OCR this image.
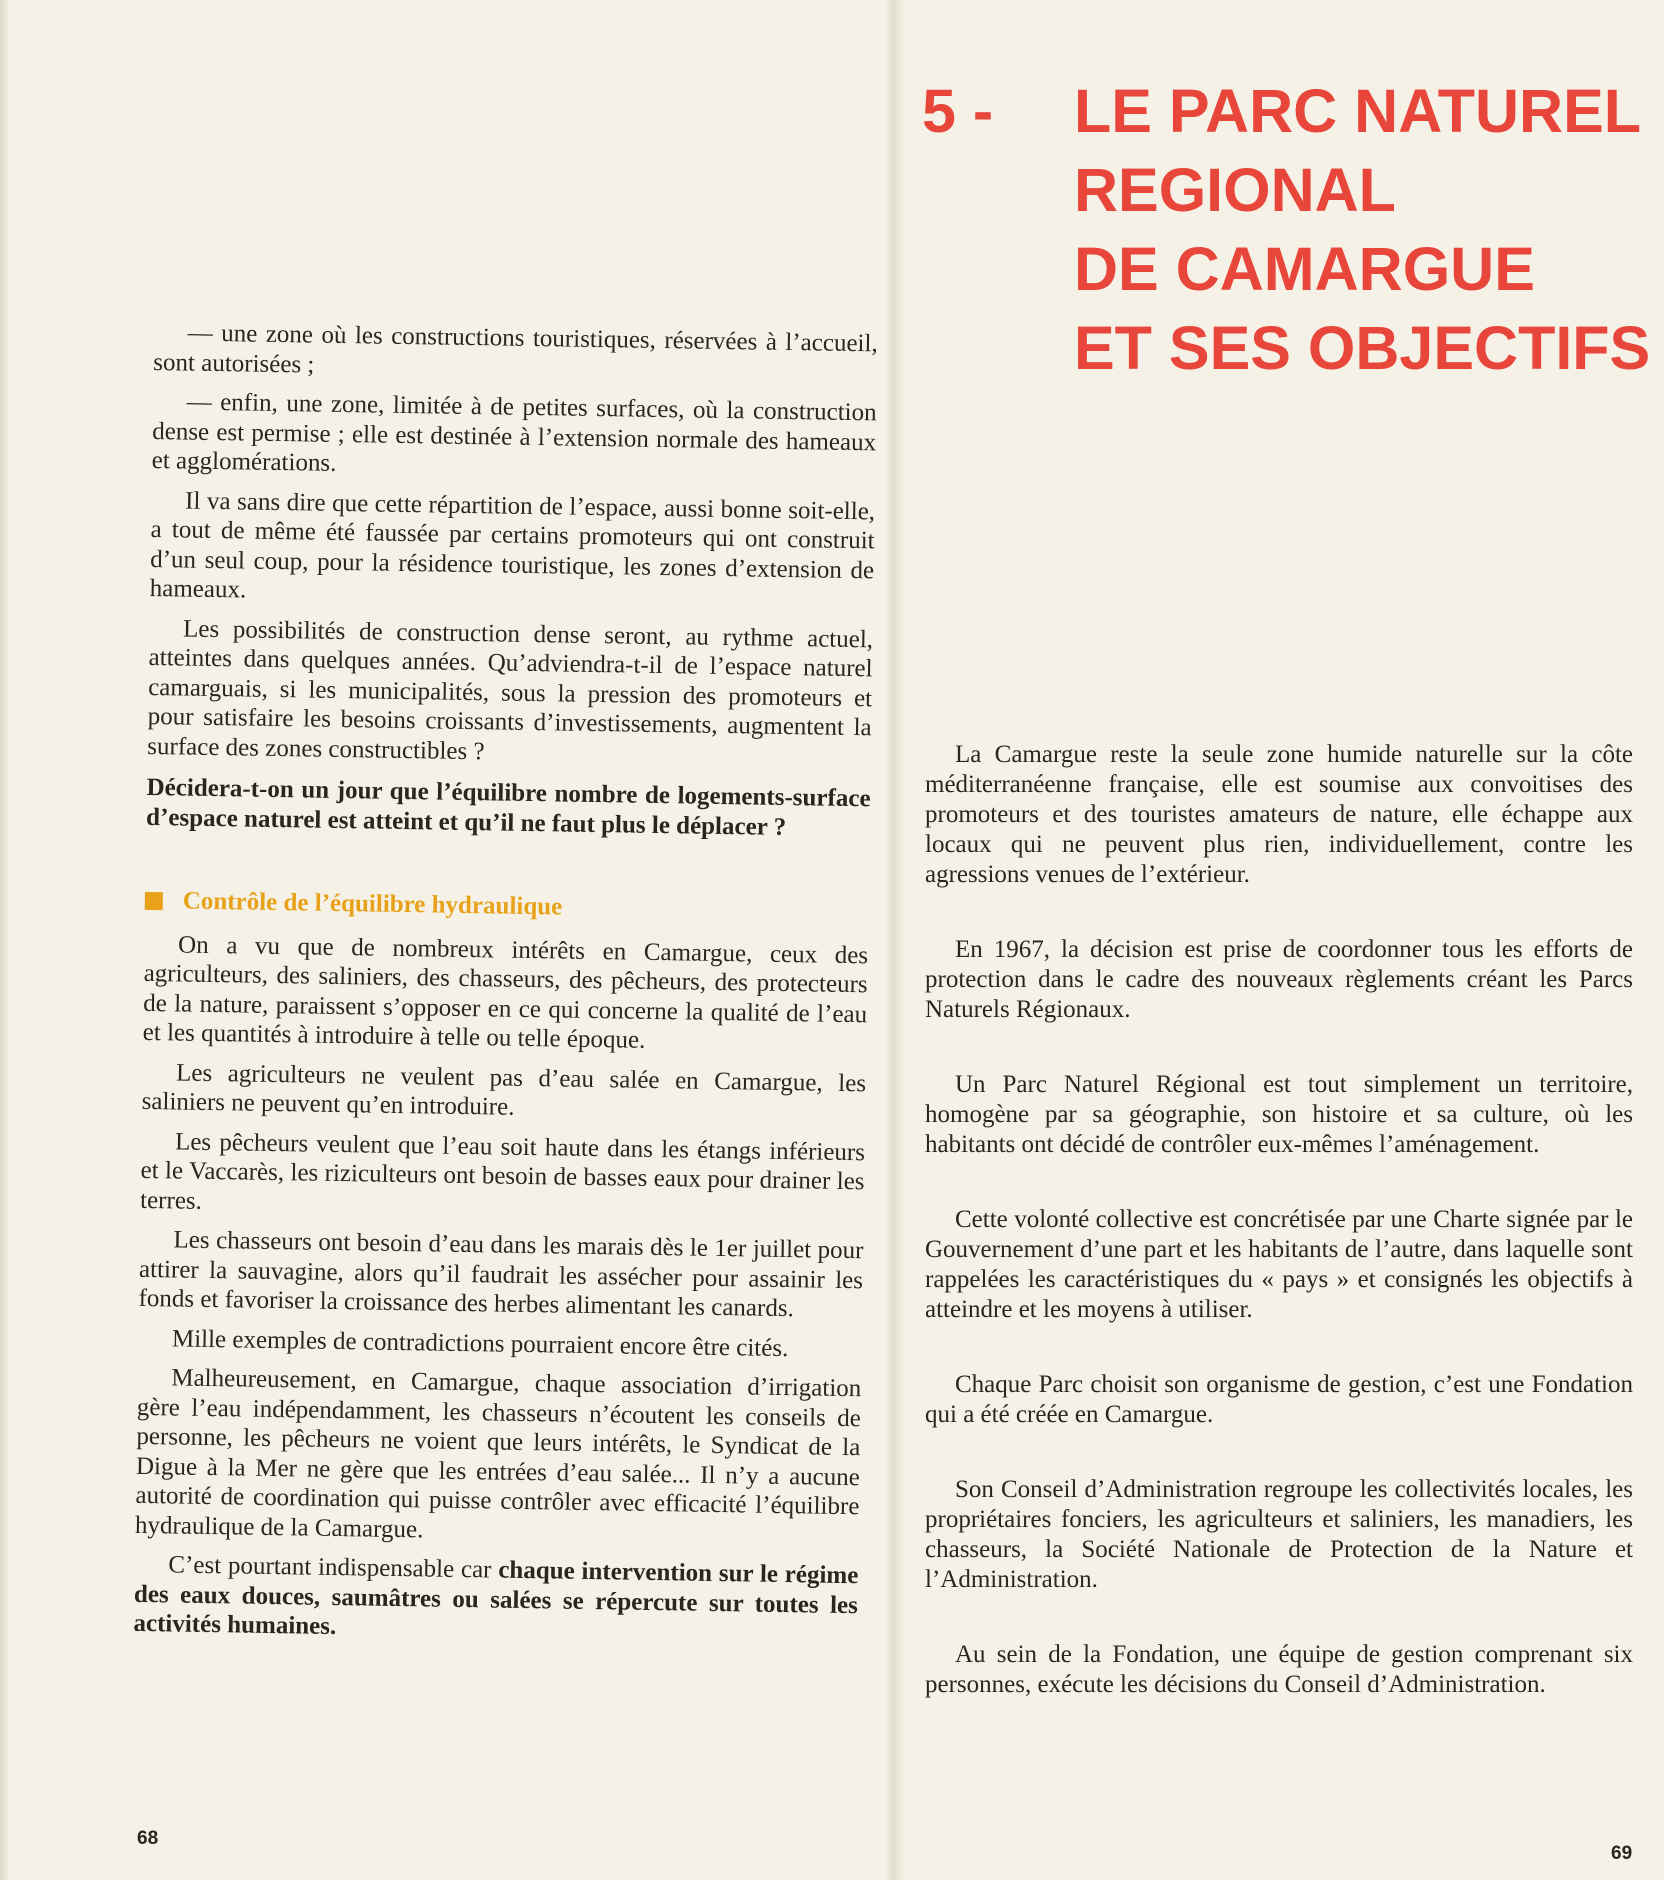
— une zone où les constructions touristiques, réservées à l’accueil, sont autorisées ;

— enfin, une zone, limitée à de petites surfaces, où la construction dense est permise ; elle est destinée à l’extension normale des hameaux et agglomérations.

Il va sans dire que cette répartition de l’espace, aussi bonne soit-elle, a tout de même été faussée par certains promoteurs qui ont construit d’un seul coup, pour la résidence touristique, les zones d’extension de hameaux.

Les possibilités de construction dense seront, au rythme actuel, atteintes dans quelques années. Qu’adviendra-t-il de l’espace naturel camarguais, si les municipalités, sous la pression des promoteurs et pour satisfaire les besoins croissants d’investissements, augmentent la surface des zones constructibles ?

Décidera-t-on un jour que l’équilibre nombre de logements-surface d’espace naturel est atteint et qu’il ne faut plus le déplacer ?

Contrôle de l’équilibre hydraulique

On a vu que de nombreux intérêts en Camargue, ceux des agriculteurs, des saliniers, des chasseurs, des pêcheurs, des protecteurs de la nature, paraissent s’opposer en ce qui concerne la qualité de l’eau et les quantités à introduire à telle ou telle époque.

Les agriculteurs ne veulent pas d’eau salée en Camargue, les saliniers ne peuvent qu’en introduire.

Les pêcheurs veulent que l’eau soit haute dans les étangs inférieurs et le Vaccarès, les riziculteurs ont besoin de basses eaux pour drainer les terres.

Les chasseurs ont besoin d’eau dans les marais dès le 1er juillet pour attirer la sauvagine, alors qu’il faudrait les assécher pour assainir les fonds et favoriser la croissance des herbes alimentant les canards.

Mille exemples de contradictions pourraient encore être cités.

Malheureusement, en Camargue, chaque association d’irrigation gère l’eau indépendamment, les chasseurs n’écoutent les conseils de personne, les pêcheurs ne voient que leurs intérêts, le Syndicat de la Digue à la Mer ne gère que les entrées d’eau salée... Il n’y a aucune autorité de coordination qui puisse contrôler avec efficacité l’équilibre hydraulique de la Camargue.

C’est pourtant indispensable car chaque intervention sur le régime des eaux douces, saumâtres ou salées se répercute sur toutes les activités humaines.

68
5 -	LE PARC NATUREL
REGIONAL
DE CAMARGUE
ET SES OBJECTIFS

La Camargue reste la seule zone humide naturelle sur la côte méditerranéenne française, elle est soumise aux convoitises des promoteurs et des touristes amateurs de nature, elle échappe aux locaux qui ne peuvent plus rien, individuellement, contre les agressions venues de l’extérieur.

En 1967, la décision est prise de coordonner tous les efforts de protection dans le cadre des nouveaux règlements créant les Parcs Naturels Régionaux.

Un Parc Naturel Régional est tout simplement un territoire, homogène par sa géographie, son histoire et sa culture, où les habitants ont décidé de contrôler eux-mêmes l’aménagement.

Cette volonté collective est concrétisée par une Charte signée par le Gouvernement d’une part et les habitants de l’autre, dans laquelle sont rappelées les caractéristiques du « pays » et consignés les objectifs à atteindre et les moyens à utiliser.

Chaque Parc choisit son organisme de gestion, c’est une Fondation qui a été créée en Camargue.

Son Conseil d’Administration regroupe les collectivités locales, les propriétaires fonciers, les agriculteurs et saliniers, les manadiers, les chasseurs, la Société Nationale de Protection de la Nature et l’Administration.

Au sein de la Fondation, une équipe de gestion comprenant six personnes, exécute les décisions du Conseil d’Administration.

69
